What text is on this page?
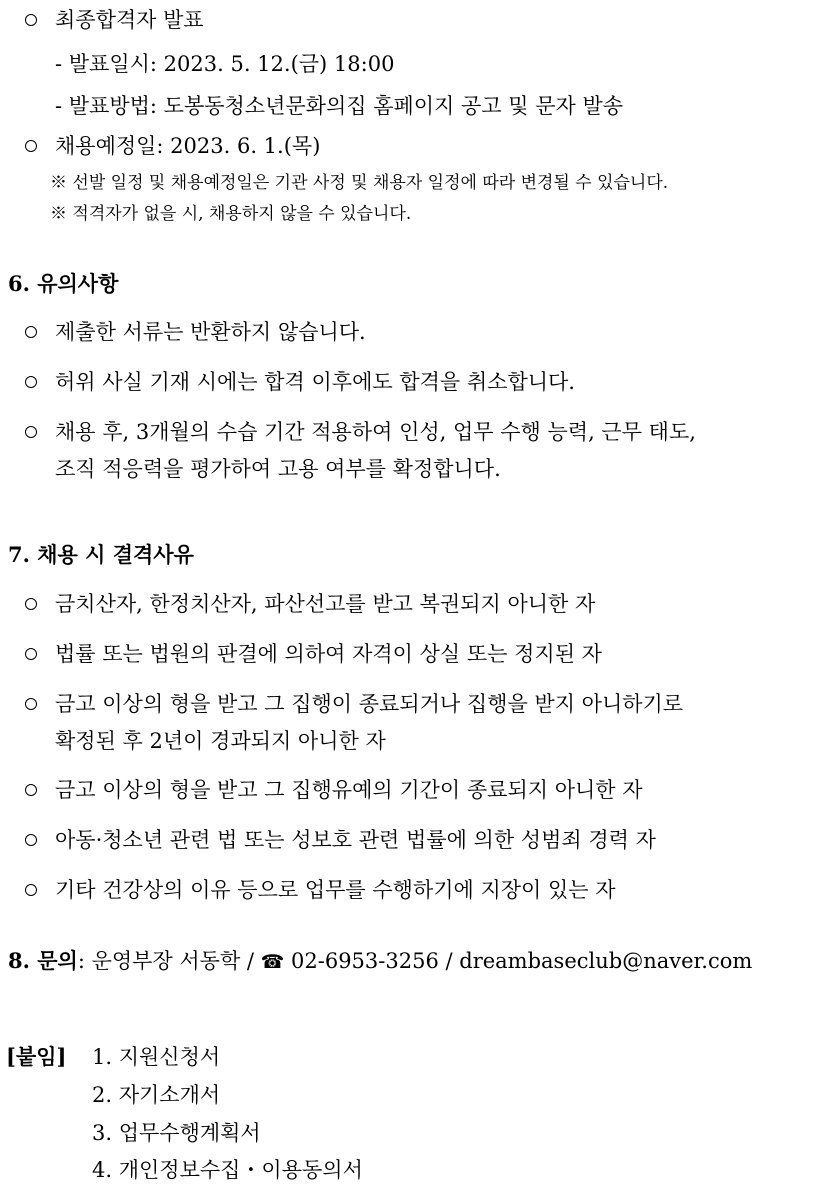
최종합격자 발표
- 발표일시: 2023. 5. 12.(금) 18:00
- 발표방법: 도봉동청소년문화의집 홈페이지 공고 및 문자 발송
채용예정일: 2023. 6. 1.(목)
※ 선발 일정 및 채용예정일은 기관 사정 및 채용자 일정에 따라 변경될 수 있습니다.
※ 적격자가 없을 시, 채용하지 않을 수 있습니다.
6. 유의사항
제출한 서류는 반환하지 않습니다.
허위 사실 기재 시에는 합격 이후에도 합격을 취소합니다.
채용 후, 3개월의 수습 기간 적용하여 인성, 업무 수행 능력, 근무 태도,
조직 적응력을 평가하여 고용 여부를 확정합니다.
7. 채용 시 결격사유
금치산자, 한정치산자, 파산선고를 받고 복권되지 아니한 자
법률 또는 법원의 판결에 의하여 자격이 상실 또는 정지된 자
금고 이상의 형을 받고 그 집행이 종료되거나 집행을 받지 아니하기로
확정된 후 2년이 경과되지 아니한 자
금고 이상의 형을 받고 그 집행유예의 기간이 종료되지 아니한 자
아동·청소년 관련 법 또는 성보호 관련 법률에 의한 성범죄 경력 자
기타 건강상의 이유 등으로 업무를 수행하기에 지장이 있는 자
8. 문의: 운영부장 서동학 / ☎ 02-6953-3256 / dreambaseclub@naver.com
[붙임] 1. 지원신청서
2. 자기소개서
3. 업무수행계획서
4. 개인정보수집・이용동의서
